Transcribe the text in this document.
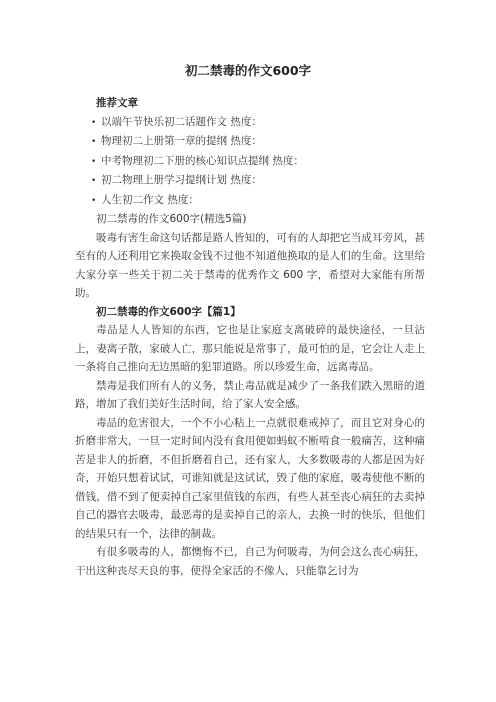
初二禁毒的作文600字

推荐文章

• 以端午节快乐初二话题作文 热度：

• 物理初二上册第一章的提纲 热度：

• 中考物理初二下册的核心知识点提纲 热度：

• 初二物理上册学习提纲计划 热度：

• 人生初二作文 热度：

初二禁毒的作文600字(精选5篇)

吸毒有害生命这句话都是路人皆知的，可有的人却把它当成耳旁风，甚至有的人还利用它来换取金钱不过他不知道他换取的是人们的生命。这里给大家分享一些关于初二关于禁毒的优秀作文 600 字，希望对大家能有所帮助。

初二禁毒的作文600字【篇1】

毒品是人人皆知的东西，它也是让家庭支离破碎的最快途径，一旦沾上，妻离子散，家破人亡，那只能说是常事了，最可怕的是，它会让人走上一条将自己推向无边黑暗的犯罪道路。所以珍爱生命，远离毒品。

禁毒是我们所有人的义务，禁止毒品就是减少了一条我们跌入黑暗的道路，增加了我们美好生活时间，给了家人安全感。

毒品的危害很大，一个不小心粘上一点就很难戒掉了，而且它对身心的折磨非常大，一旦一定时间内没有食用便如蚂蚁不断啃食一般痛苦，这种痛苦是非人的折磨，不但折磨着自己，还有家人，大多数吸毒的人都是因为好奇，开始只想着试试，可谁知就是这试试，毁了他的家庭，吸毒使他不断的借钱，借不到了便卖掉自己家里值钱的东西，有些人甚至丧心病狂的去卖掉自己的器官去吸毒，最恶毒的是卖掉自己的亲人，去换一时的快乐，但他们的结果只有一个，法律的制裁。

有很多吸毒的人，都懊悔不已，自己为何吸毒，为何会这么丧心病狂，干出这种丧尽天良的事，使得全家活的不像人，只能靠乞讨为
